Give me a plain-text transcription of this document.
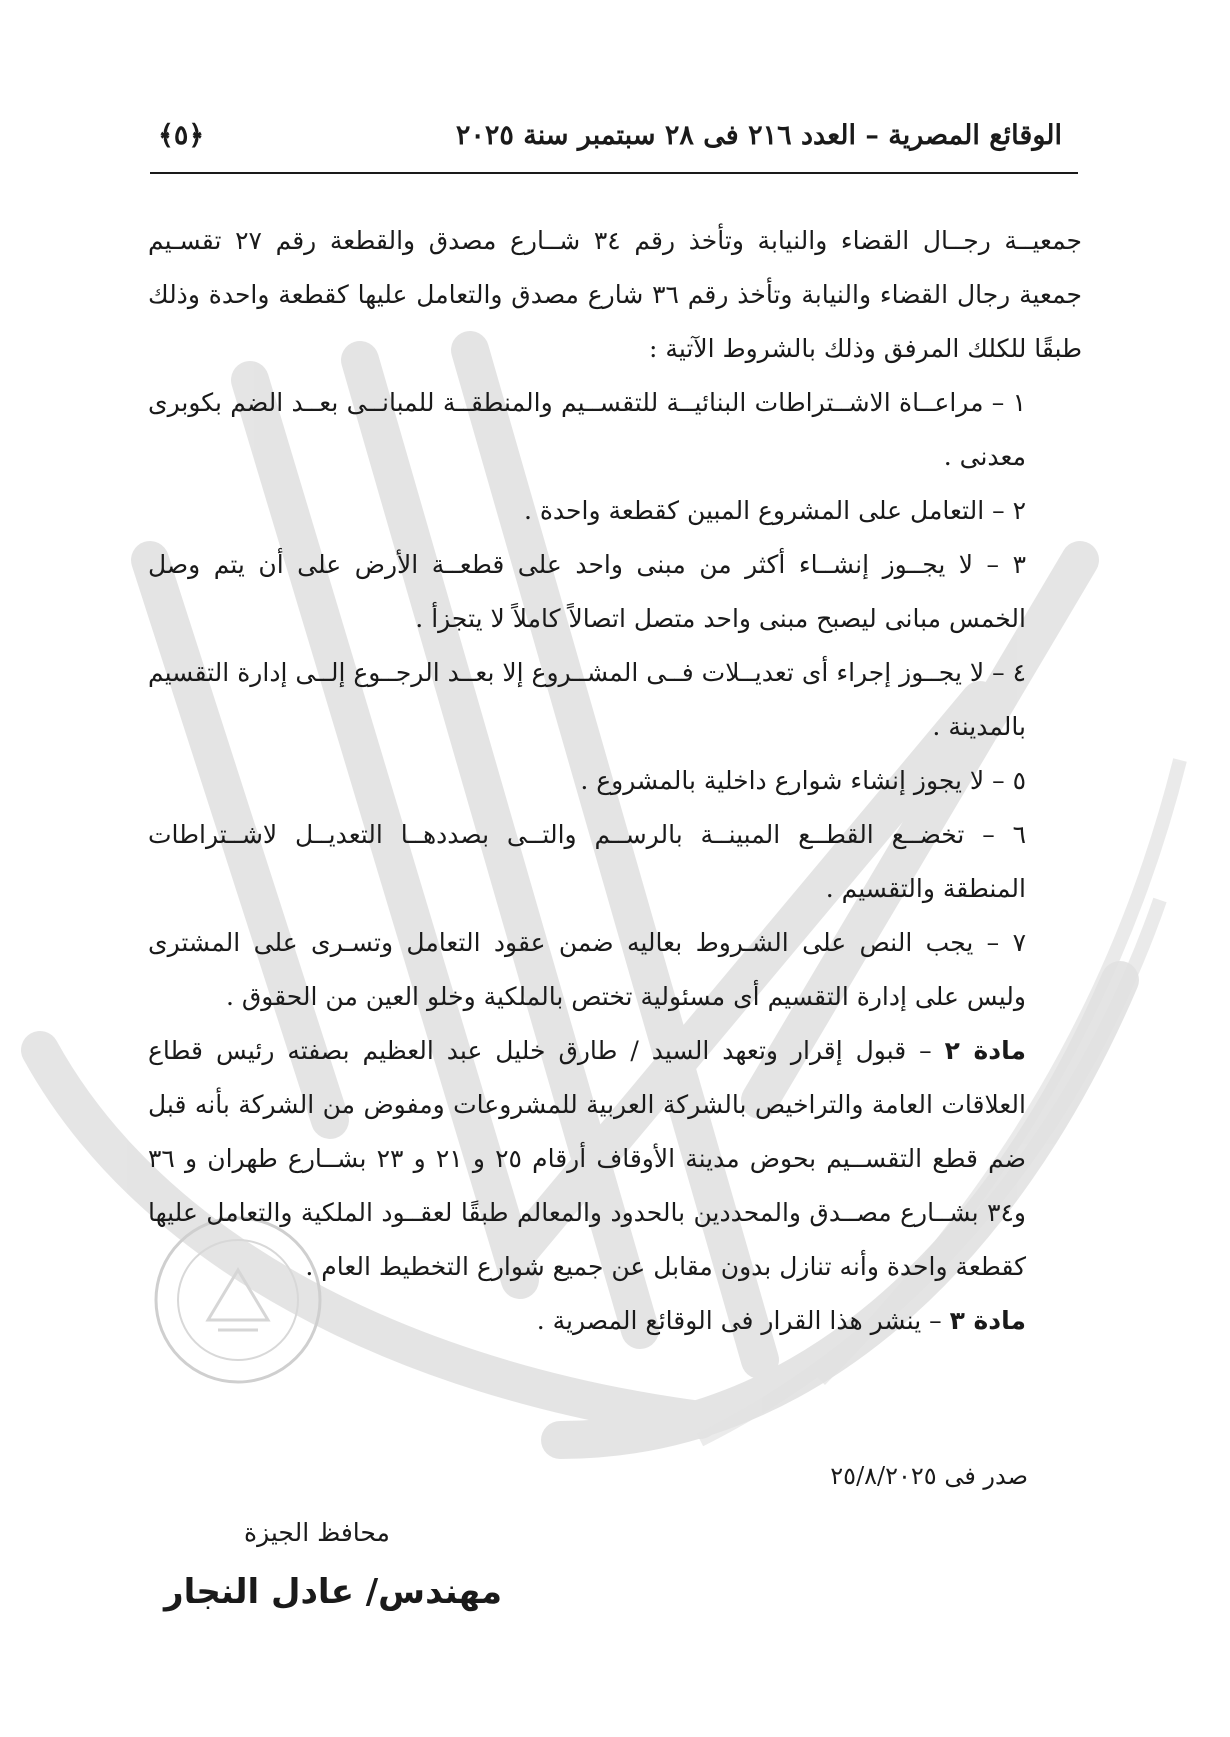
الوقائع المصرية – العدد ٢١٦ فى ٢٨ سبتمبر سنة ٢٠٢٥
﴾٥﴿

جمعيــة رجــال القضاء والنيابة وتأخذ رقم ٣٤ شــارع مصدق والقطعة رقم ٢٧ تقسـيم جمعية رجال القضاء والنيابة وتأخذ رقم ٣٦ شارع مصدق والتعامل عليها كقطعة واحدة وذلك طبقًا للكلك المرفق وذلك بالشروط الآتية :

١ – مراعــاة الاشــتراطات البنائيــة للتقســيم والمنطقــة للمبانــى بعــد الضم بكوبرى معدنى .

٢ – التعامل على المشروع المبين كقطعة واحدة .

٣ – لا يجــوز إنشــاء أكثر من مبنى واحد على قطعــة الأرض على أن يتم وصل الخمس مبانى ليصبح مبنى واحد متصل اتصالاً كاملاً لا يتجزأ .

٤ – لا يجــوز إجراء أى تعديــلات فــى المشــروع إلا بعــد الرجــوع إلــى إدارة التقسيم بالمدينة .

٥ – لا يجوز إنشاء شوارع داخلية بالمشروع .

٦ – تخضــع القطــع المبينــة بالرســم والتــى بصددهــا التعديــل لاشــتراطات المنطقة والتقسيم .

٧ – يجب النص على الشـروط بعاليه ضمن عقود التعامل وتسـرى على المشترى وليس على إدارة التقسيم أى مسئولية تختص بالملكية وخلو العين من الحقوق .

مادة ٢ – قبول إقرار وتعهد السيد / طارق خليل عبد العظيم بصفته رئيس قطاع العلاقات العامة والتراخيص بالشركة العربية للمشروعات ومفوض من الشركة بأنه قبل ضم قطع التقســيم بحوض مدينة الأوقاف أرقام ٢٥ و ٢١ و ٢٣ بشــارع طهران و ٣٦ و٣٤ بشــارع مصــدق والمحددين بالحدود والمعالم طبقًا لعقــود الملكية والتعامل عليها كقطعة واحدة وأنه تنازل بدون مقابل عن جميع شوارع التخطيط العام .

مادة ٣ – ينشر هذا القرار فى الوقائع المصرية .

صدر فى ٢٥/٨/٢٠٢٥
محافظ الجيزة
مهندس/ عادل النجار
